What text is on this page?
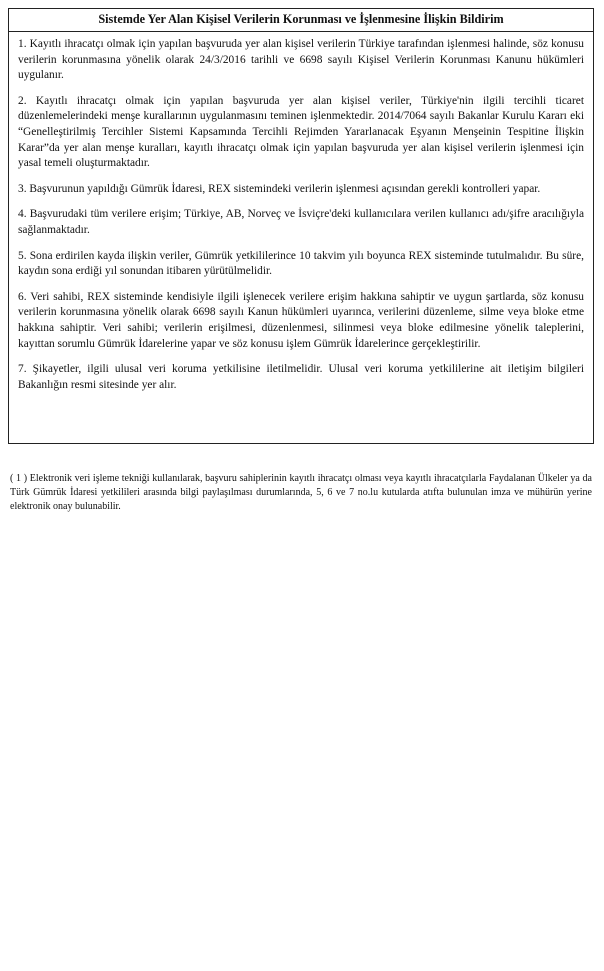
Sistemde Yer Alan Kişisel Verilerin Korunması ve İşlenmesine İlişkin Bildirim

1. Kayıtlı ihracatçı olmak için yapılan başvuruda yer alan kişisel verilerin Türkiye tarafından işlenmesi halinde, söz konusu verilerin korunmasına yönelik olarak 24/3/2016 tarihli ve 6698 sayılı Kişisel Verilerin Korunması Kanunu hükümleri uygulanır.

2. Kayıtlı ihracatçı olmak için yapılan başvuruda yer alan kişisel veriler, Türkiye'nin ilgili tercihli ticaret düzenlemelerindeki menşe kurallarının uygulanmasını teminen işlenmektedir. 2014/7064 sayılı Bakanlar Kurulu Kararı eki “Genelleştirilmiş Tercihler Sistemi Kapsamında Tercihli Rejimden Yararlanacak Eşyanın Menşeinin Tespitine İlişkin Karar”da yer alan menşe kuralları, kayıtlı ihracatçı olmak için yapılan başvuruda yer alan kişisel verilerin işlenmesi için yasal temeli oluşturmaktadır.

3. Başvurunun yapıldığı Gümrük İdaresi, REX sistemindeki verilerin işlenmesi açısından gerekli kontrolleri yapar.

4. Başvurudaki tüm verilere erişim; Türkiye, AB, Norveç ve İsviçre'deki kullanıcılara verilen kullanıcı adı/şifre aracılığıyla sağlanmaktadır.

5. Sona erdirilen kayda ilişkin veriler, Gümrük yetkililerince 10 takvim yılı boyunca REX sisteminde tutulmalıdır. Bu süre, kaydın sona erdiği yıl sonundan itibaren yürütülmelidir.

6. Veri sahibi, REX sisteminde kendisiyle ilgili işlenecek verilere erişim hakkına sahiptir ve uygun şartlarda, söz konusu verilerin korunmasına yönelik olarak 6698 sayılı Kanun hükümleri uyarınca, verilerini düzenleme, silme veya bloke etme hakkına sahiptir. Veri sahibi; verilerin erişilmesi, düzenlenmesi, silinmesi veya bloke edilmesine yönelik taleplerini, kayıttan sorumlu Gümrük İdarelerine yapar ve söz konusu işlem Gümrük İdarelerince gerçekleştirilir.

7. Şikayetler, ilgili ulusal veri koruma yetkilisine iletilmelidir. Ulusal veri koruma yetkililerine ait iletişim bilgileri Bakanlığın resmi sitesinde yer alır.

( 1 ) Elektronik veri işleme tekniği kullanılarak, başvuru sahiplerinin kayıtlı ihracatçı olması veya kayıtlı ihracatçılarla Faydalanan Ülkeler ya da Türk Gümrük İdaresi yetkilileri arasında bilgi paylaşılması durumlarında, 5, 6 ve 7 no.lu kutularda atıfta bulunulan imza ve mühürün yerine elektronik onay bulunabilir.
